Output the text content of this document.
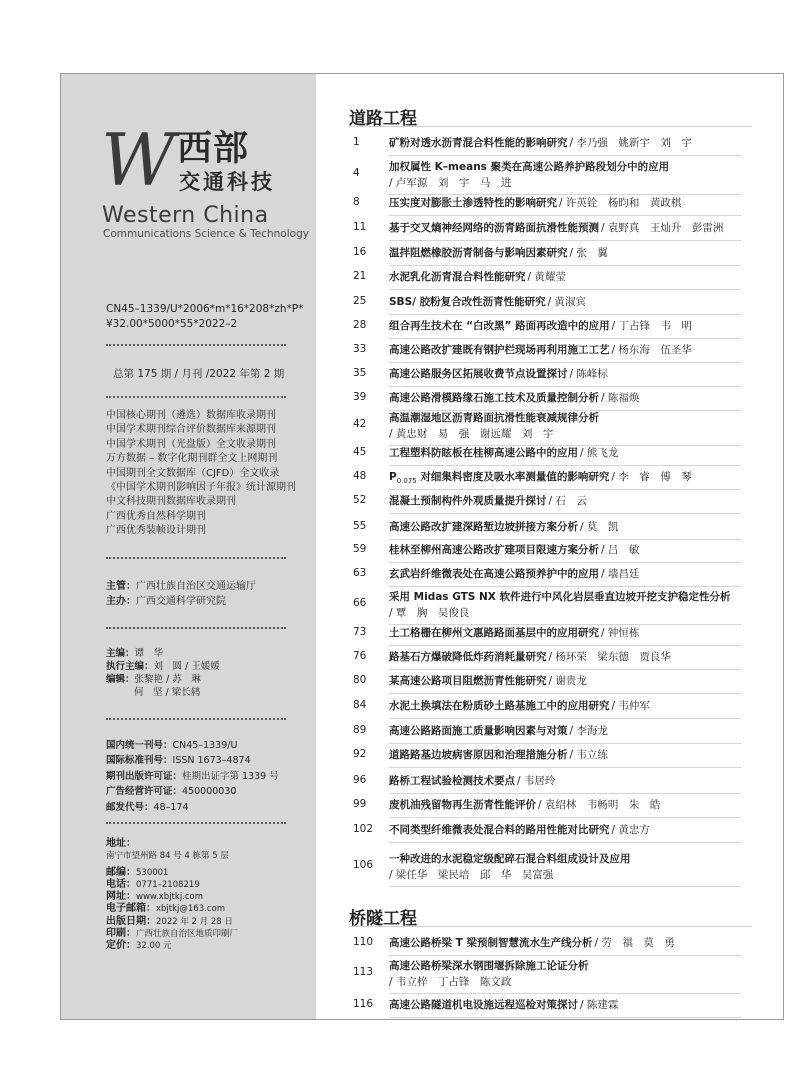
W 西部
交通科技
Western China
Communications Science & Technology
CN45–1339/U*2006*m*16*208*zh*P*
¥32.00*5000*55*2022–2
总第 175 期 / 月刊 /2022 年第 2 期
中国核心期刊（遴选）数据库收录期刊
中国学术期刊综合评价数据库来源期刊
中国学术期刊（光盘版）全文收录期刊
万方数据 – 数字化期刊群全文上网期刊
中国期刊全文数据库（CJFD）全文收录
《中国学术期刊影响因子年报》统计源期刊
中文科技期刊数据库收录期刊
广西优秀自然科学期刊
广西优秀装帧设计期刊
主管：广西壮族自治区交通运输厅
主办：广西交通科学研究院
主编：谭　华
执行主编：刘　圆 / 王媛媛
编辑：张黎艳 / 苏　琳
何　坚 / 梁长鸫
国内统一刊号：CN45–1339/U
国际标准刊号：ISSN 1673–4874
期刊出版许可证：桂期出证字第 1339 号
广告经营许可证：450000030
邮发代号：48–174
地址：
南宁市望州路 84 号 4 栋第 5 层
邮编：530001
电话：0771–2108219
网址：www.xbjtkj.com
电子邮箱：xbjtkj@163.com
出版日期：2022 年 2 月 28 日
印刷：广西壮族自治区地质印刷厂
定价：32.00 元
道路工程
1	矿粉对透水沥青混合料性能的影响研究 / 李乃强　姚新宇　刘　宇
4	加权属性 K–means 聚类在高速公路养护路段划分中的应用
/ 卢军源　刘　宇　马　进
8	压实度对膨胀土渗透特性的影响研究 / 许英铨　杨昀和　黄政棋
11 基于交叉熵神经网络的沥青路面抗滑性能预测 / 袁野真　王灿升　彭雷洲
16 温拌阻燃橡胶沥青制备与影响因素研究 / 张　翼
21 水泥乳化沥青混合料性能研究 / 黄耀莹
25 SBS/ 胶粉复合改性沥青性能研究 / 黄淑宾
28 组合再生技术在 “白改黑” 路面再改造中的应用 / 丁占锋　韦　明
33 高速公路改扩建既有钢护栏现场再利用施工工艺 / 杨东海　伍圣华
35 高速公路服务区拓展收费节点设置探讨 / 陈峰标
39 高速公路滑模路缘石施工技术及质量控制分析 / 陈福焕
42 高温潮湿地区沥青路面抗滑性能衰减规律分析
/ 黄忠财　易　强　谢远耀　刘　宇
45 工程塑料防眩板在桂柳高速公路中的应用 / 熊飞龙
48 $P_{0.075}$ 对细集料密度及吸水率测量值的影响研究 / 李　睿　傅　琴
52 混凝土预制构件外观质量提升探讨 / 石　云
55 高速公路改扩建深路堑边坡拼接方案分析 / 莫　凯
59 桂林至柳州高速公路改扩建项目限速方案分析 / 吕　敏
63 玄武岩纤维微表处在高速公路预养护中的应用 / 墙昌廷
66 采用 Midas GTS NX 软件进行中风化岩层垂直边坡开挖支护稳定性分析
/ 覃　胸　吴俊良
73 土工格栅在柳州文惠路路面基层中的应用研究 / 钟恒栋
76 路基石方爆破降低炸药消耗量研究 / 杨环荣　梁东德　贾良华
80 某高速公路项目阻燃沥青性能研究 / 谢贵龙
84 水泥土换填法在粉质砂土路基施工中的应用研究 / 韦仲军
89 高速公路路面施工质量影响因素与对策 / 李海龙
92 道路路基边坡病害原因和治理措施分析 / 韦立练
96 路桥工程试验检测技术要点 / 韦居玲
99 废机油残留物再生沥青性能评价 / 袁绍林　韦畅明　朱　皓
102 不同类型纤维微表处混合料的路用性能对比研究 / 黄忠方
106 一种改进的水泥稳定级配碎石混合料组成设计及应用
/ 梁任华　梁民培　邱　华　吴富强
桥隧工程
110 高速公路桥梁 T 梁预制智慧流水生产线分析 / 劳　祺　莫　勇
113 高速公路桥梁深水钢围堰拆除施工论证分析
/ 韦立梓　丁占锋　陈文政
116 高速公路隧道机电设施远程巡检对策探讨 / 陈建霖
